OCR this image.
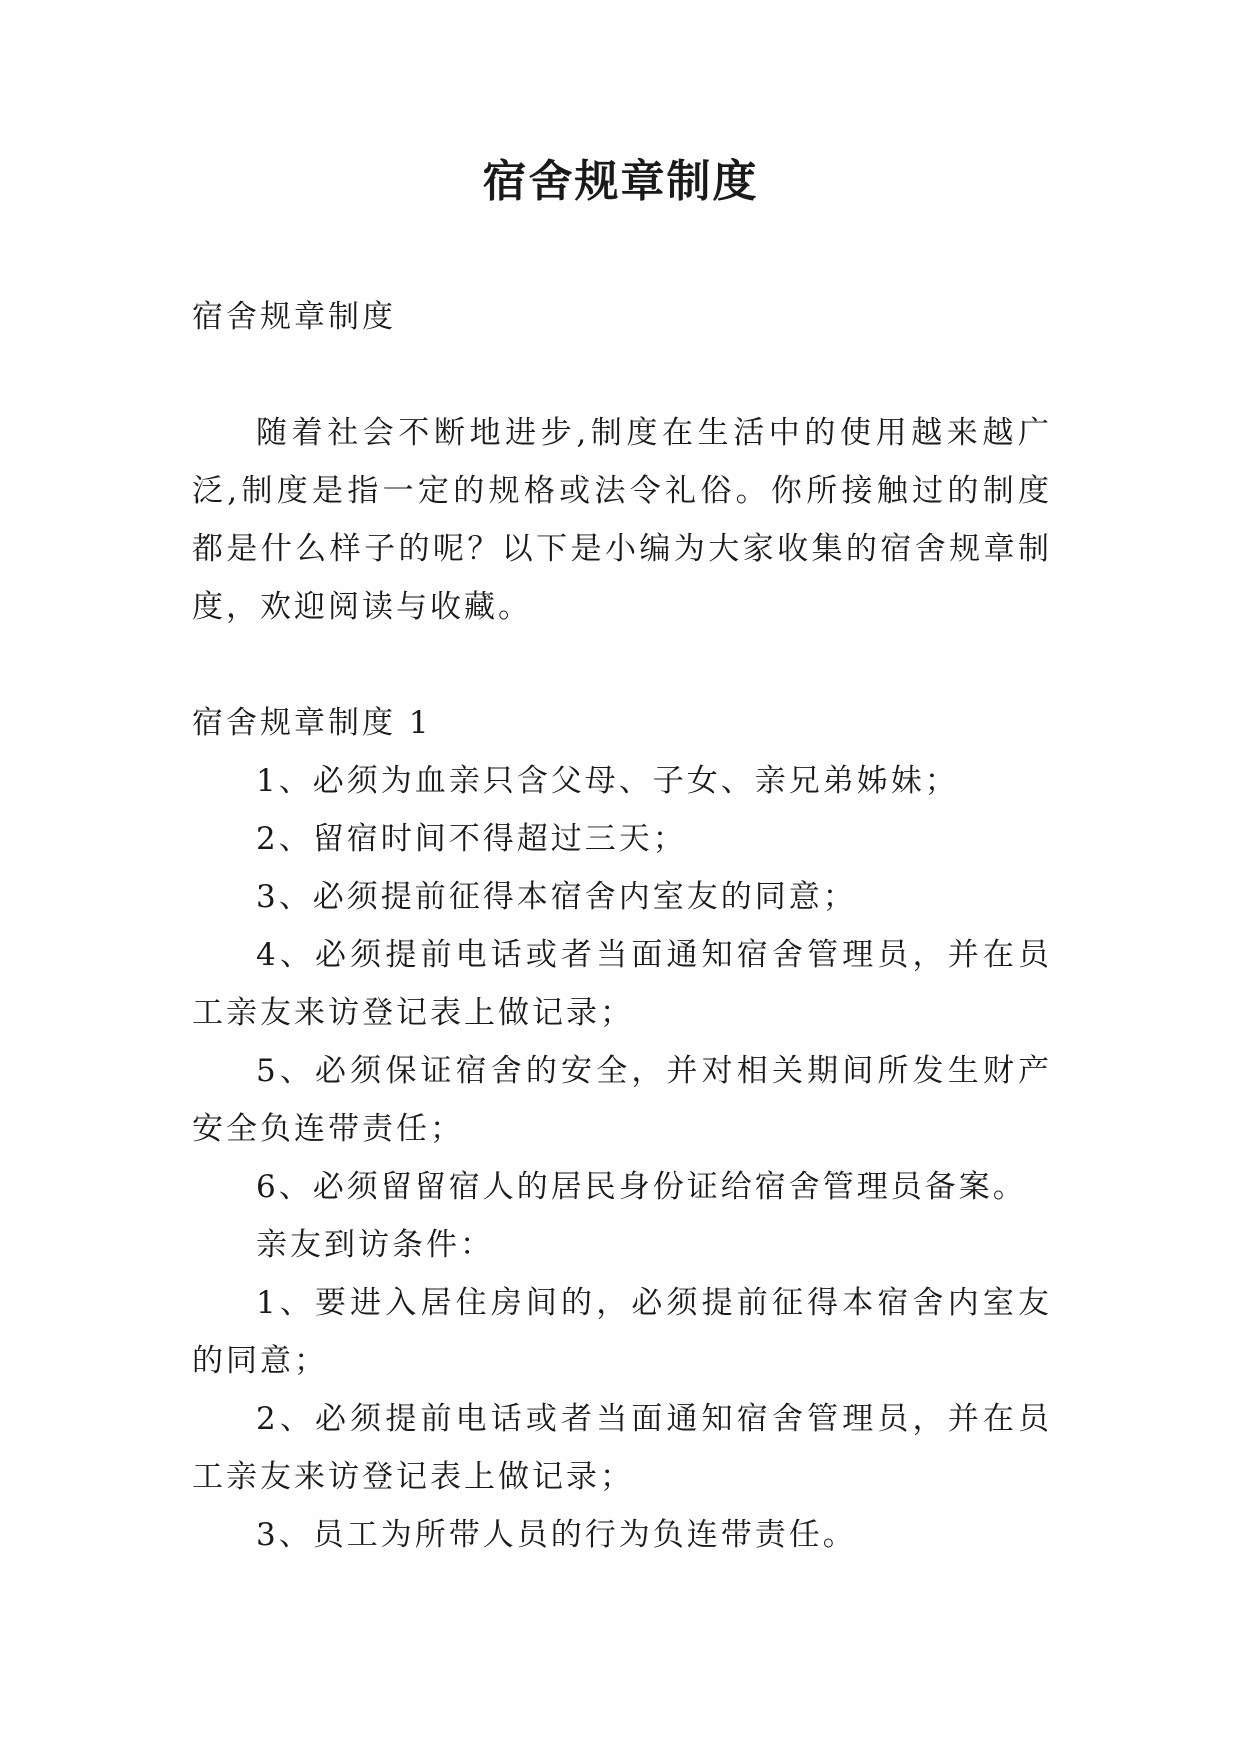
宿舍规章制度

宿舍规章制度

随着社会不断地进步,制度在生活中的使用越来越广泛,制度是指一定的规格或法令礼俗。你所接触过的制度都是什么样子的呢？以下是小编为大家收集的宿舍规章制度，欢迎阅读与收藏。

宿舍规章制度 1

1、必须为血亲只含父母、子女、亲兄弟姊妹；

2、留宿时间不得超过三天；

3、必须提前征得本宿舍内室友的同意；

4、必须提前电话或者当面通知宿舍管理员，并在员工亲友来访登记表上做记录；

5、必须保证宿舍的安全，并对相关期间所发生财产安全负连带责任；

6、必须留留宿人的居民身份证给宿舍管理员备案。

亲友到访条件：

1、要进入居住房间的，必须提前征得本宿舍内室友的同意；

2、必须提前电话或者当面通知宿舍管理员，并在员工亲友来访登记表上做记录；

3、员工为所带人员的行为负连带责任。
